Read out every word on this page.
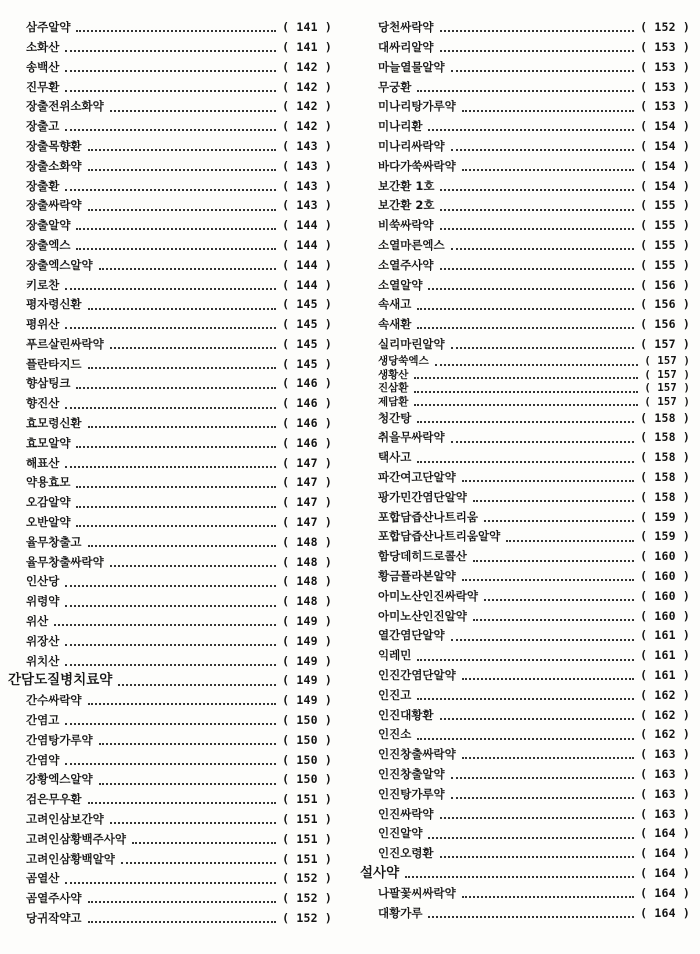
삼주알약	( 141 )
소화산	( 141 )
송백산	( 142 )
진무환	( 142 )
장출전위소화약	( 142 )
장출고	( 142 )
장출목향환	( 143 )
장출소화약	( 143 )
장출환	( 143 )
장출싸락약	( 143 )
장출알약	( 144 )
장출엑스	( 144 )
장출엑스알약	( 144 )
키로찬	( 144 )
평자령신환	( 145 )
평위산	( 145 )
푸르살린싸락약	( 145 )
플란타지드	( 145 )
향삼팅크	( 146 )
향진산	( 146 )
효모령신환	( 146 )
효모알약	( 146 )
해표산	( 147 )
약용효모	( 147 )
오감알약	( 147 )
오반알약	( 147 )
율무창출고	( 148 )
율무창출싸락약	( 148 )
인산당	( 148 )
위령약	( 148 )
위산	( 149 )
위장산	( 149 )
위치산	( 149 )
간담도질병치료약	( 149 )
간수싸락약	( 149 )
간염고	( 150 )
간염탕가루약	( 150 )
간염약	( 150 )
강황엑스알약	( 150 )
검은무우환	( 151 )
고려인삼보간약	( 151 )
고려인삼황백주사약	( 151 )
고려인삼황백알약	( 151 )
곰열산	( 152 )
곰열주사약	( 152 )
당귀작약고	( 152 )
당천싸락약	( 152 )
대싸리알약	( 153 )
마늘열물알약	( 153 )
무궁환	( 153 )
미나리탕가루약	( 153 )
미나리환	( 154 )
미나리싸락약	( 154 )
바다가쑥싸락약	( 154 )
보간환 1호	( 154 )
보간환 2호	( 155 )
비쑥싸락약	( 155 )
소열마른엑스	( 155 )
소열주사약	( 155 )
소열알약	( 156 )
속새고	( 156 )
속새환	( 156 )
실리마린알약	( 157 )
생당쑥엑스	( 157 )
생황산	( 157 )
진삼환	( 157 )
제담환	( 157 )
청간탕	( 158 )
취을무싸락약	( 158 )
택사고	( 158 )
파간여고단알약	( 158 )
팡가민간염단알약	( 158 )
포합담즙산나트리움	( 159 )
포합담즙산나트리움알약	( 159 )
함당데히드로콜산	( 160 )
황금플라본알약	( 160 )
아미노산인진싸락약	( 160 )
아미노산인진알약	( 160 )
열간염단알약	( 161 )
익레민	( 161 )
인진간염단알약	( 161 )
인진고	( 162 )
인진대황환	( 162 )
인진소	( 162 )
인진창출싸락약	( 163 )
인진창출알약	( 163 )
인진탕가루약	( 163 )
인진싸락약	( 163 )
인진알약	( 164 )
인진오령환	( 164 )
설사약	( 164 )
나팔꽃씨싸락약	( 164 )
대황가루	( 164 )
